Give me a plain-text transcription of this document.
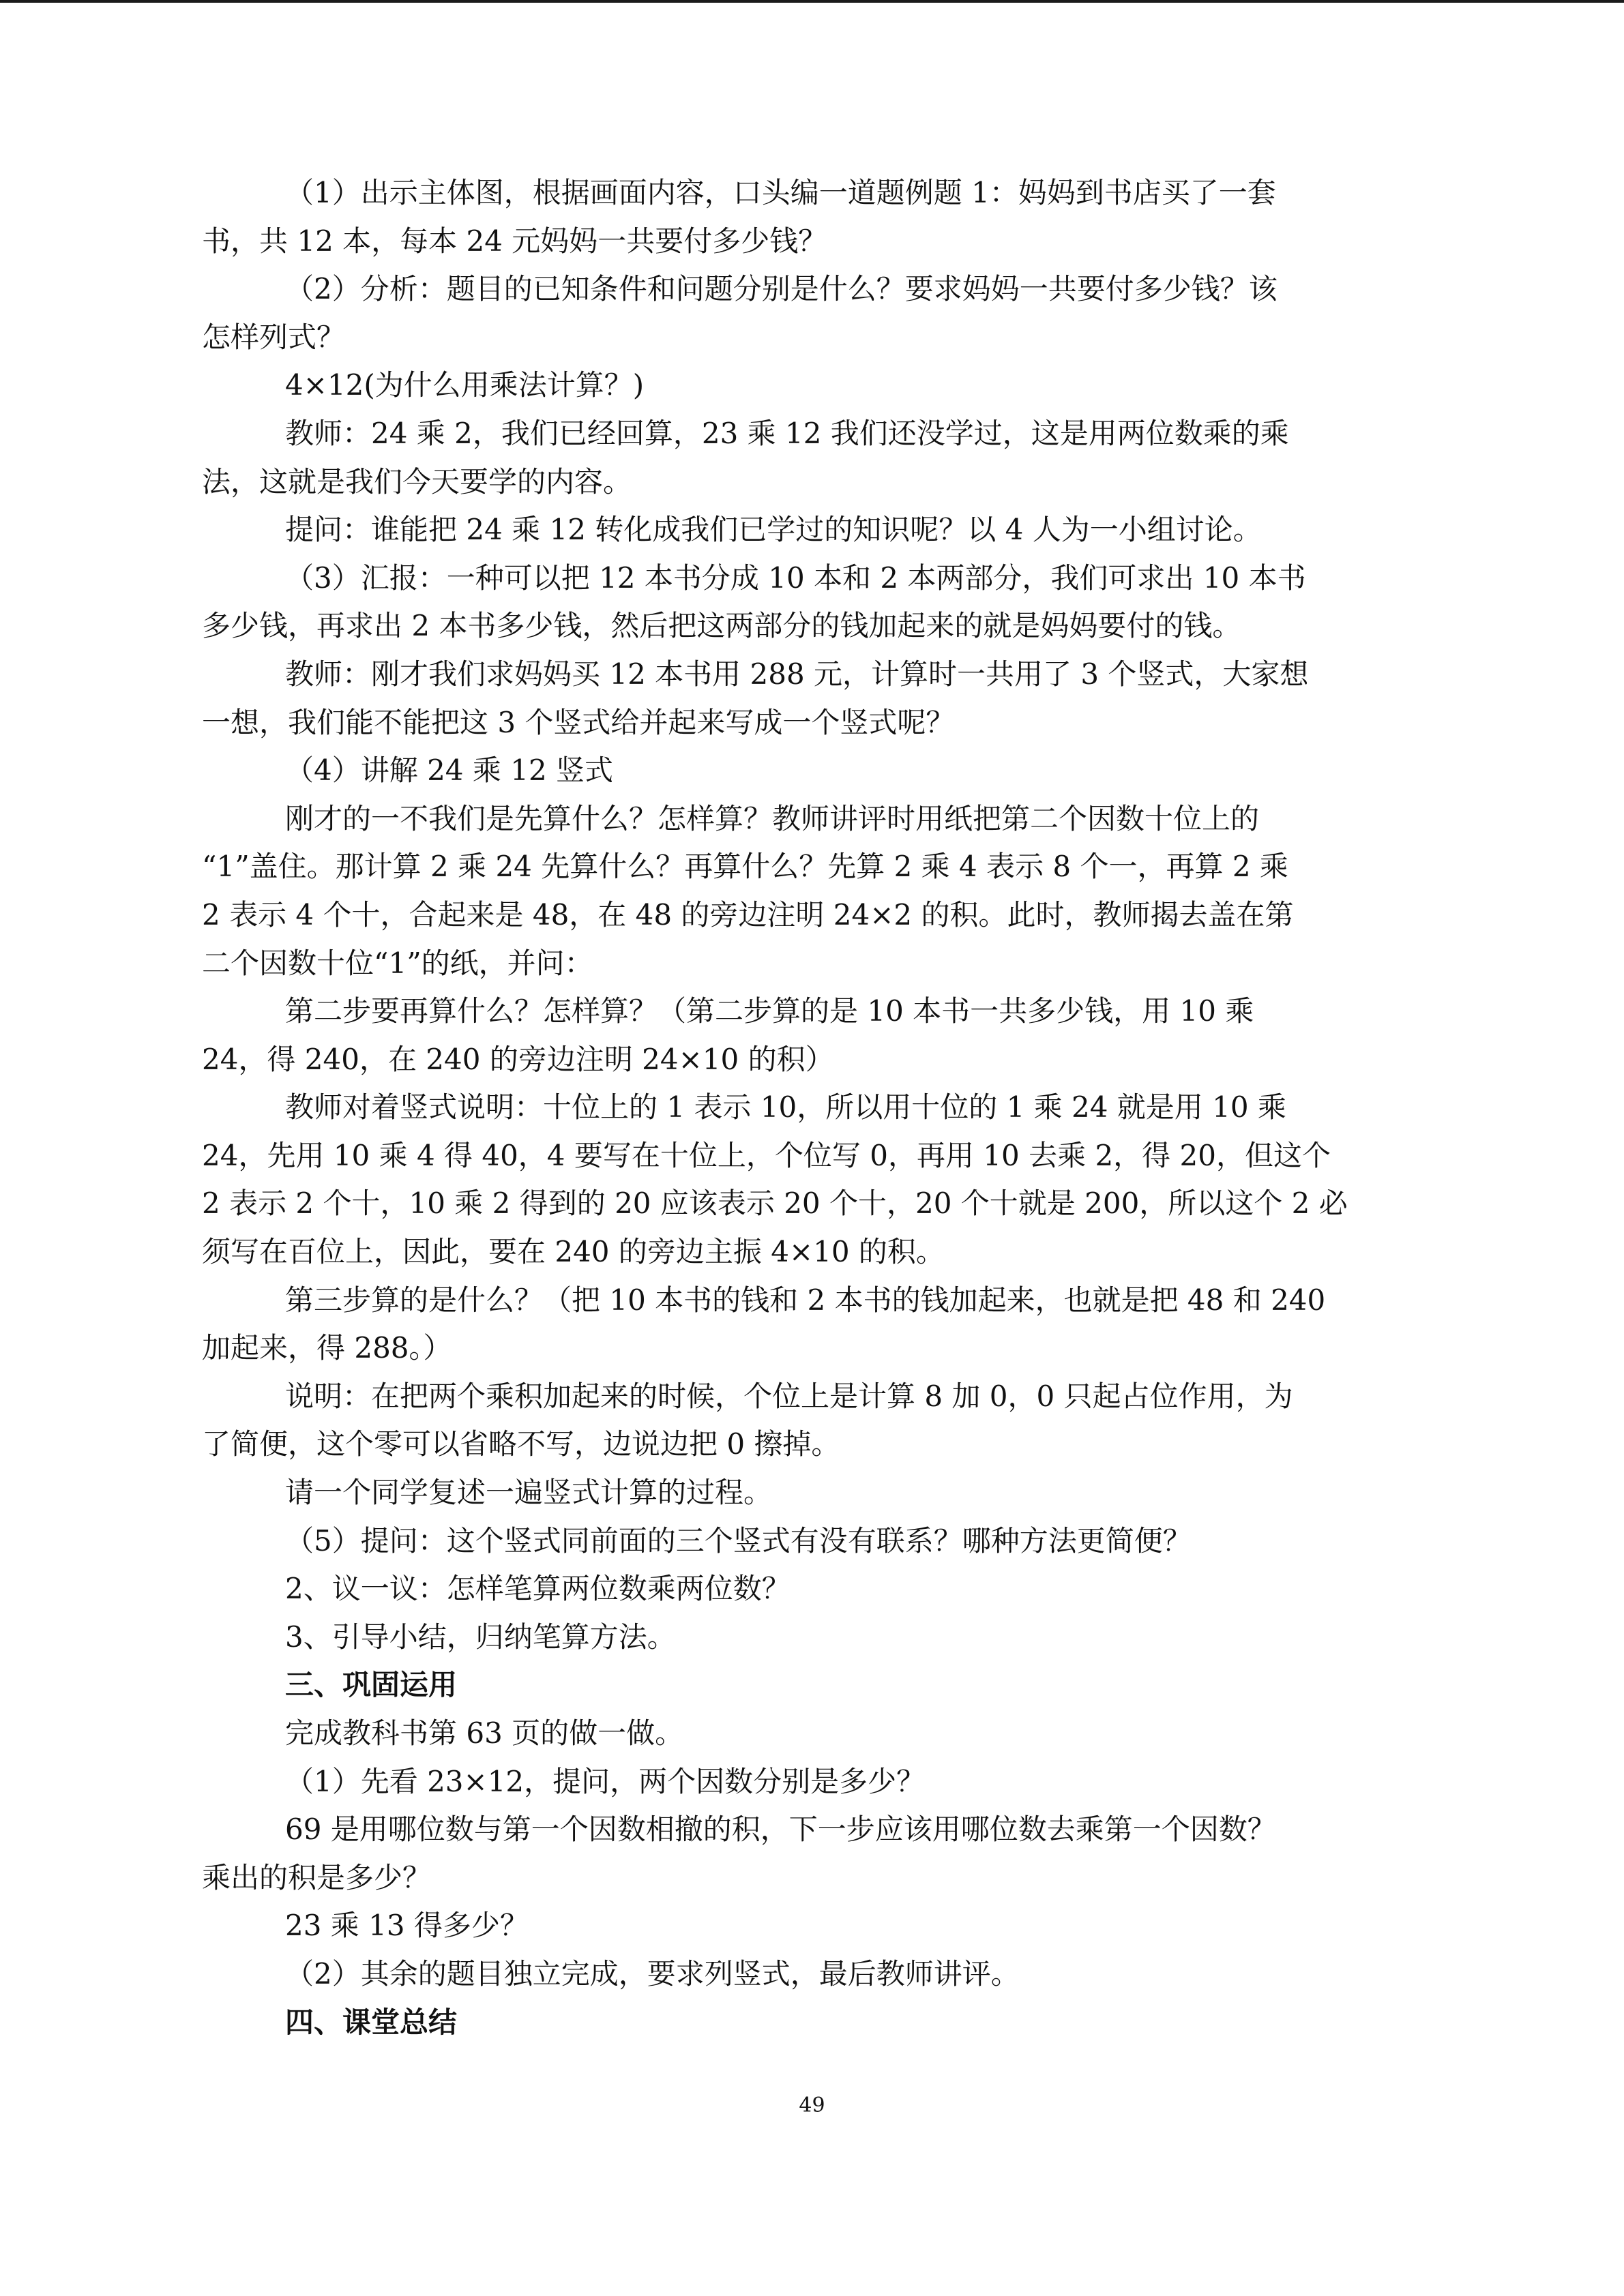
（1）出示主体图，根据画面内容，口头编一道题例题 1：妈妈到书店买了一套
书，共 12 本，每本 24 元妈妈一共要付多少钱？
（2）分析：题目的已知条件和问题分别是什么？要求妈妈一共要付多少钱？该
怎样列式？
4×12(为什么用乘法计算？)
教师：24 乘 2，我们已经回算，23 乘 12 我们还没学过，这是用两位数乘的乘
法，这就是我们今天要学的内容。
提问：谁能把 24 乘 12 转化成我们已学过的知识呢？以 4 人为一小组讨论。
（3）汇报：一种可以把 12 本书分成 10 本和 2 本两部分，我们可求出 10 本书
多少钱，再求出 2 本书多少钱，然后把这两部分的钱加起来的就是妈妈要付的钱。
教师：刚才我们求妈妈买 12 本书用 288 元，计算时一共用了 3 个竖式，大家想
一想，我们能不能把这 3 个竖式给并起来写成一个竖式呢？
（4）讲解 24 乘 12 竖式
刚才的一不我们是先算什么？怎样算？教师讲评时用纸把第二个因数十位上的
“1”盖住。那计算 2 乘 24 先算什么？再算什么？先算 2 乘 4 表示 8 个一，再算 2 乘
2 表示 4 个十，合起来是 48，在 48 的旁边注明 24×2 的积。此时，教师揭去盖在第
二个因数十位“1”的纸，并问：
第二步要再算什么？怎样算？（第二步算的是 10 本书一共多少钱，用 10 乘
24，得 240，在 240 的旁边注明 24×10 的积）
教师对着竖式说明：十位上的 1 表示 10，所以用十位的 1 乘 24 就是用 10 乘
24，先用 10 乘 4 得 40，4 要写在十位上，个位写 0，再用 10 去乘 2，得 20，但这个
2 表示 2 个十，10 乘 2 得到的 20 应该表示 20 个十，20 个十就是 200，所以这个 2 必
须写在百位上，因此，要在 240 的旁边主振 4×10 的积。
第三步算的是什么？（把 10 本书的钱和 2 本书的钱加起来，也就是把 48 和 240
加起来，得 288。）
说明：在把两个乘积加起来的时候，个位上是计算 8 加 0，0 只起占位作用，为
了简便，这个零可以省略不写，边说边把 0 擦掉。
请一个同学复述一遍竖式计算的过程。
（5）提问：这个竖式同前面的三个竖式有没有联系？哪种方法更简便？
2、议一议：怎样笔算两位数乘两位数？
3、引导小结，归纳笔算方法。
三、巩固运用
完成教科书第 63 页的做一做。
（1）先看 23×12，提问，两个因数分别是多少？
69 是用哪位数与第一个因数相撤的积，下一步应该用哪位数去乘第一个因数？
乘出的积是多少？
23 乘 13 得多少？
（2）其余的题目独立完成，要求列竖式，最后教师讲评。
四、课堂总结
49
